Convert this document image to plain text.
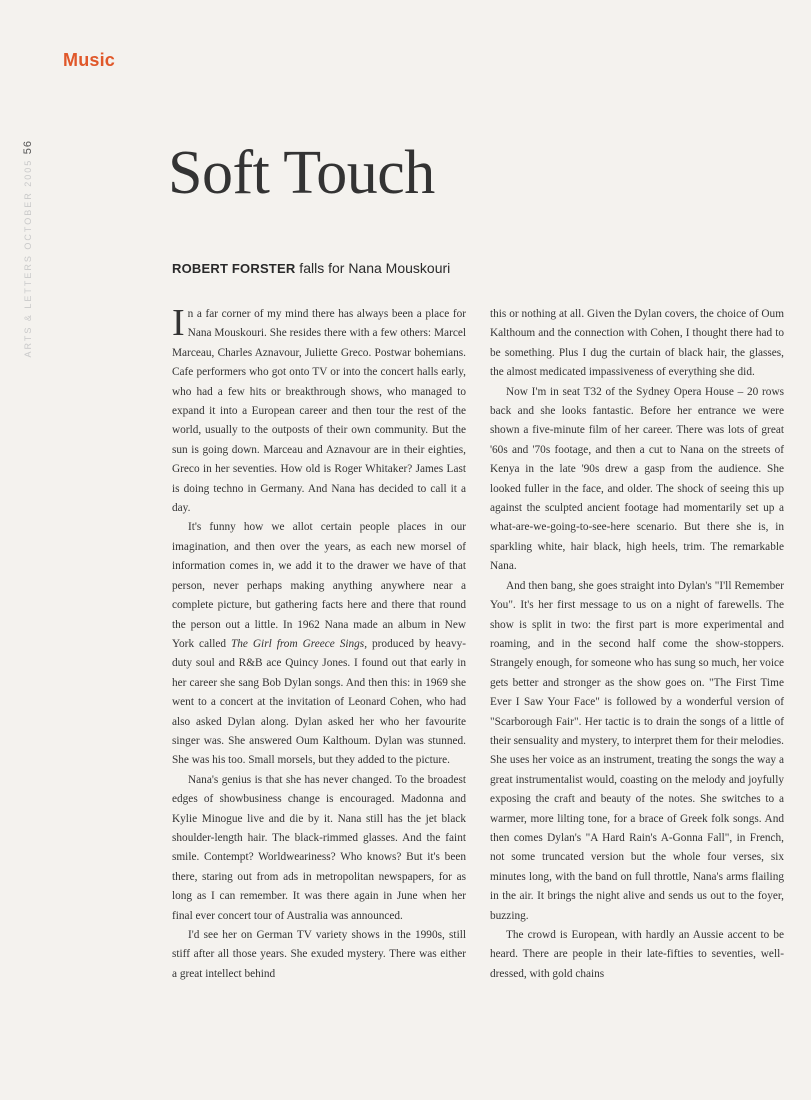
Music
ARTS & LETTERS OCTOBER 2005 56 Soft Touch
ROBERT FORSTER falls for Nana Mouskouri

In a far corner of my mind there has always been a place for Nana Mouskouri. She resides there with a few others: Marcel Marceau, Charles Aznavour, Juliette Greco. Postwar bohemians. Cafe performers who got onto TV or into the concert halls early, who had a few hits or breakthrough shows, who managed to expand it into a European career and then tour the rest of the world, usually to the outposts of their own community. But the sun is going down. Marceau and Aznavour are in their eighties, Greco in her seventies. How old is Roger Whitaker? James Last is doing techno in Germany. And Nana has decided to call it a day.

It's funny how we allot certain people places in our imagination, and then over the years, as each new morsel of information comes in, we add it to the drawer we have of that person, never perhaps making anything anywhere near a complete picture, but gathering facts here and there that round the person out a little. In 1962 Nana made an album in New York called The Girl from Greece Sings, produced by heavy-duty soul and R&B ace Quincy Jones. I found out that early in her career she sang Bob Dylan songs. And then this: in 1969 she went to a concert at the invitation of Leonard Cohen, who had also asked Dylan along. Dylan asked her who her favourite singer was. She answered Oum Kalthoum. Dylan was stunned. She was his too. Small morsels, but they added to the picture.

Nana's genius is that she has never changed. To the broadest edges of showbusiness change is encouraged. Madonna and Kylie Minogue live and die by it. Nana still has the jet black shoulder-length hair. The black-rimmed glasses. And the faint smile. Contempt? Worldweariness? Who knows? But it's been there, staring out from ads in metropolitan newspapers, for as long as I can remember. It was there again in June when her final ever concert tour of Australia was announced.

I'd see her on German TV variety shows in the 1990s, still stiff after all those years. She exuded mystery. There was either a great intellect behind

this or nothing at all. Given the Dylan covers, the choice of Oum Kalthoum and the connection with Cohen, I thought there had to be something. Plus I dug the curtain of black hair, the glasses, the almost medicated impassiveness of everything she did.

Now I'm in seat T32 of the Sydney Opera House – 20 rows back and she looks fantastic. Before her entrance we were shown a five-minute film of her career. There was lots of great '60s and '70s footage, and then a cut to Nana on the streets of Kenya in the late '90s drew a gasp from the audience. She looked fuller in the face, and older. The shock of seeing this up against the sculpted ancient footage had momentarily set up a what-are-we-going-to-see-here scenario. But there she is, in sparkling white, hair black, high heels, trim. The remarkable Nana.

And then bang, she goes straight into Dylan's "I'll Remember You". It's her first message to us on a night of farewells. The show is split in two: the first part is more experimental and roaming, and in the second half come the show-stoppers. Strangely enough, for someone who has sung so much, her voice gets better and stronger as the show goes on. "The First Time Ever I Saw Your Face" is followed by a wonderful version of "Scarborough Fair". Her tactic is to drain the songs of a little of their sensuality and mystery, to interpret them for their melodies. She uses her voice as an instrument, treating the songs the way a great instrumentalist would, coasting on the melody and joyfully exposing the craft and beauty of the notes. She switches to a warmer, more lilting tone, for a brace of Greek folk songs. And then comes Dylan's "A Hard Rain's A-Gonna Fall", in French, not some truncated version but the whole four verses, six minutes long, with the band on full throttle, Nana's arms flailing in the air. It brings the night alive and sends us out to the foyer, buzzing.

The crowd is European, with hardly an Aussie accent to be heard. There are people in their late-fifties to seventies, well-dressed, with gold chains
